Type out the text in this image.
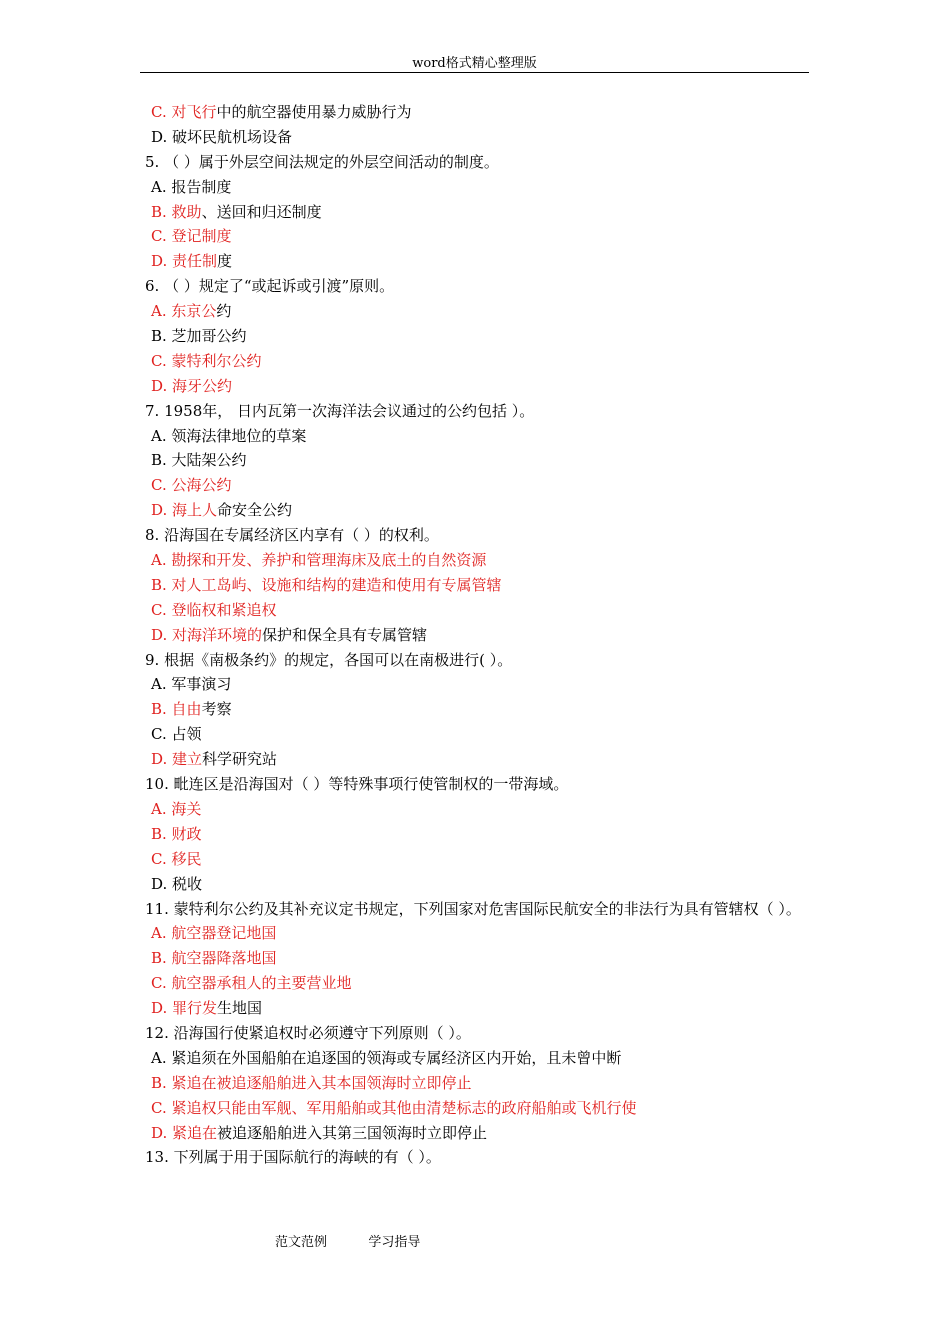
word格式精心整理版
C. 对飞行中的航空器使用暴力威胁行为
D. 破坏民航机场设备
5. （ ）属于外层空间法规定的外层空间活动的制度。
A. 报告制度
B. 救助、送回和归还制度
C. 登记制度
D. 责任制度
6. （ ）规定了“或起诉或引渡”原则。
A. 东京公约
B. 芝加哥公约
C. 蒙特利尔公约
D. 海牙公约
7. 1958年， 日内瓦第一次海洋法会议通过的公约包括 ）。
A. 领海法律地位的草案
B. 大陆架公约
C. 公海公约
D. 海上人命安全公约
8. 沿海国在专属经济区内享有（ ）的权利。
A. 勘探和开发、养护和管理海床及底土的自然资源
B. 对人工岛屿、设施和结构的建造和使用有专属管辖
C. 登临权和紧追权
D. 对海洋环境的保护和保全具有专属管辖
9. 根据《南极条约》的规定，各国可以在南极进行( ）。
A. 军事演习
B. 自由考察
C. 占领
D. 建立科学研究站
10. 毗连区是沿海国对（ ）等特殊事项行使管制权的一带海域。
A. 海关
B. 财政
C. 移民
D. 税收
11. 蒙特利尔公约及其补充议定书规定，下列国家对危害国际民航安全的非法行为具有管辖权（ ）。
A. 航空器登记地国
B. 航空器降落地国
C. 航空器承租人的主要营业地
D. 罪行发生地国
12. 沿海国行使紧追权时必须遵守下列原则（ ）。
A. 紧追须在外国船舶在追逐国的领海或专属经济区内开始，且未曾中断
B. 紧追在被追逐船舶进入其本国领海时立即停止
C. 紧追权只能由军舰、军用船舶或其他由清楚标志的政府船舶或飞机行使
D. 紧追在被追逐船舶进入其第三国领海时立即停止
13. 下列属于用于国际航行的海峡的有（ ）。
范文范例          学习指导
